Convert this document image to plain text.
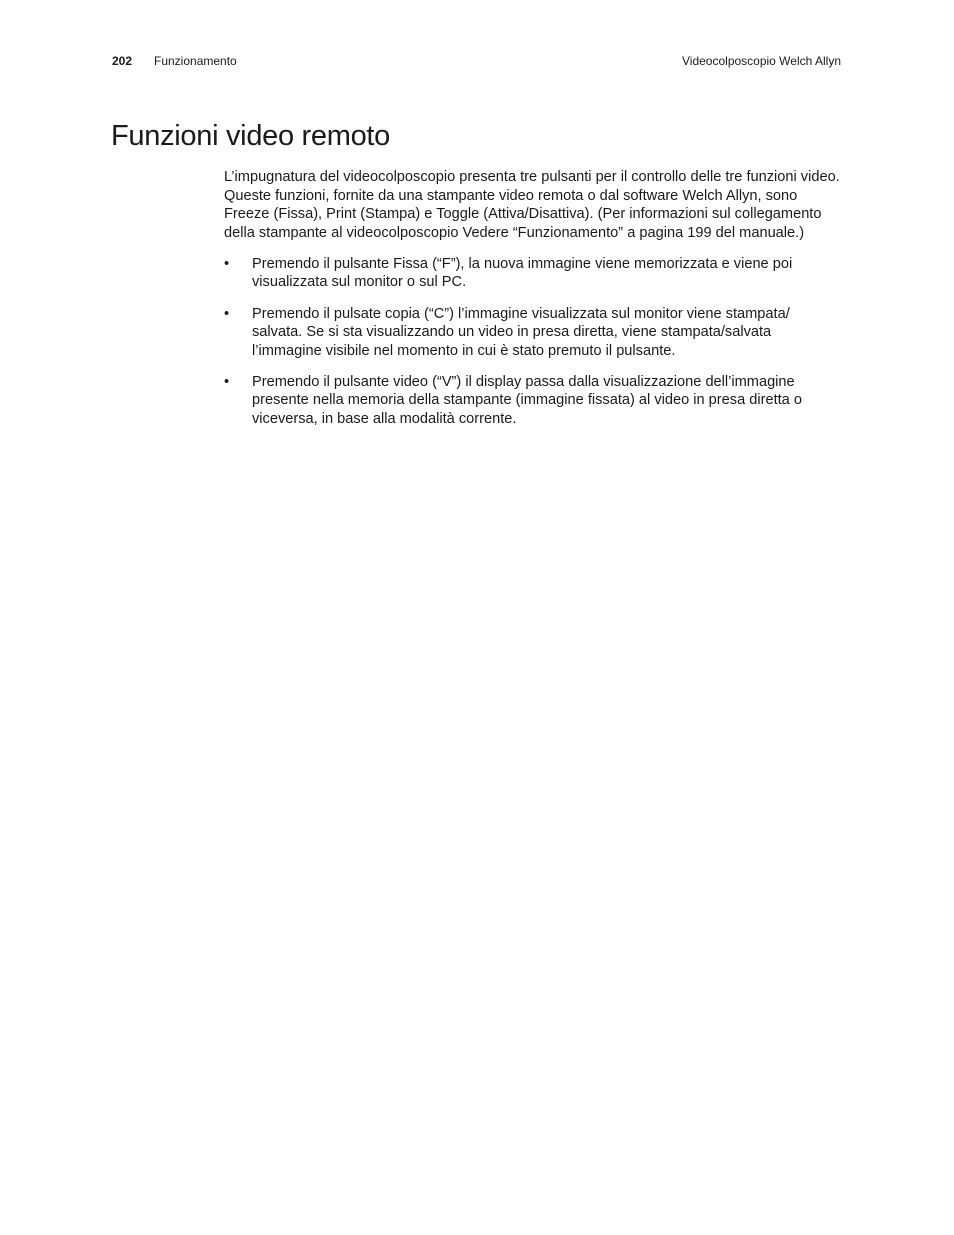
202 Funzionamento	Videocolposcopio Welch Allyn
Funzioni video remoto

L’impugnatura del videocolposcopio presenta tre pulsanti per il controllo delle tre funzioni video. Queste funzioni, fornite da una stampante video remota o dal software Welch Allyn, sono Freeze (Fissa), Print (Stampa) e Toggle (Attiva/Disattiva). (Per informazioni sul collegamento della stampante al videocolposcopio Vedere “Funzionamento” a pagina 199 del manuale.)

• Premendo il pulsante Fissa (“F”), la nuova immagine viene memorizzata e viene poi visualizzata sul monitor o sul PC.
• Premendo il pulsate copia (“C”) l’immagine visualizzata sul monitor viene stampata/ salvata. Se si sta visualizzando un video in presa diretta, viene stampata/salvata l’immagine visibile nel momento in cui è stato premuto il pulsante.
• Premendo il pulsante video (“V”) il display passa dalla visualizzazione dell’immagine presente nella memoria della stampante (immagine fissata) al video in presa diretta o viceversa, in base alla modalità corrente.
